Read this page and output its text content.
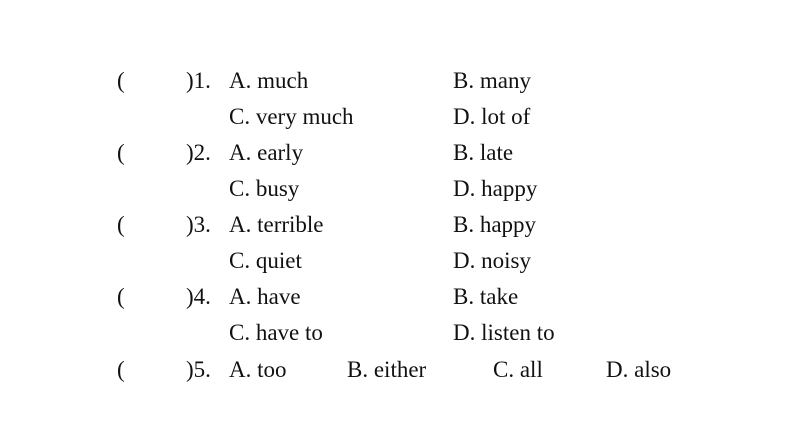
(	)1. A. much	B. many
C. very much	D. lot of
(	)2. A. early	B. late
C. busy	D. happy
(	)3. A. terrible	B. happy
C. quiet	D. noisy
(	)4. A. have	B. take
C. have to	D. listen to
(	)5. A. too	B. either	C. all	D. also
